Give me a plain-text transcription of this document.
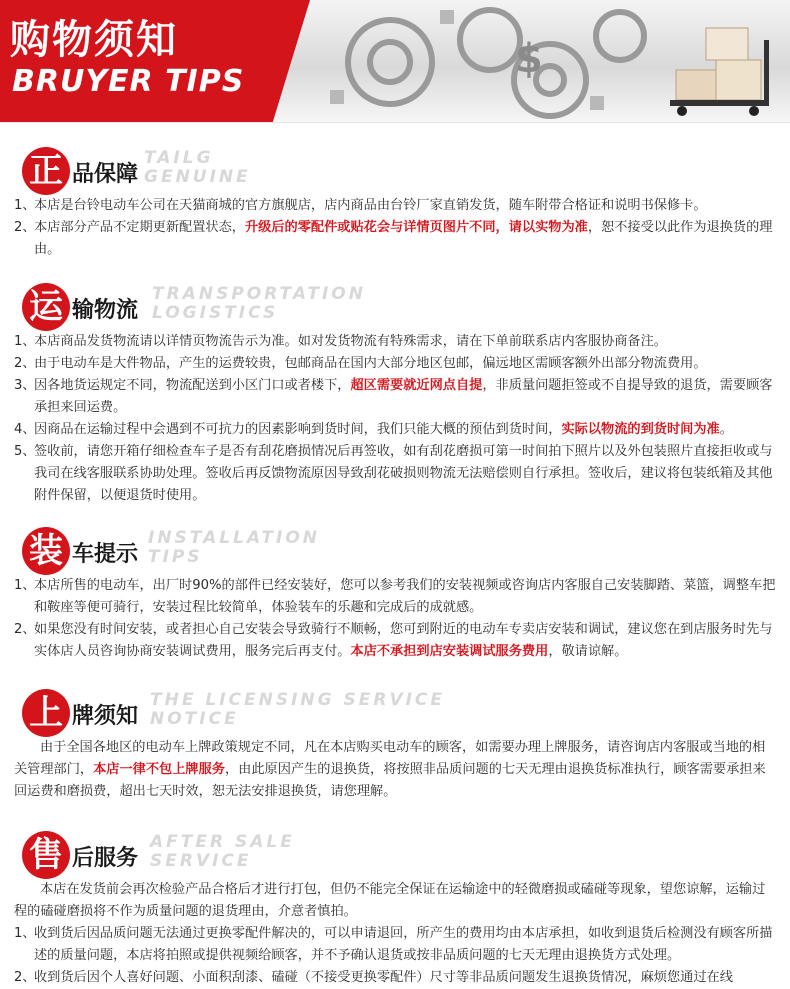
$
购物须知
BRUYER TIPS
TAILG
GENUINE
正 品保障
1、
本店是台铃电动车公司在天猫商城的官方旗舰店，店内商品由台铃厂家直销发货，随车附带合格证和说明书保修卡。
2、
本店部分产品不定期更新配置状态，升级后的零配件或贴花会与详情页图片不同，请以实物为准，恕不接受以此作为退换货的理由。
TRANSPORTATION
LOGISTICS
运 输物流
1、
本店商品发货物流请以详情页物流告示为准。如对发货物流有特殊需求，请在下单前联系店内客服协商备注。
2、
由于电动车是大件物品，产生的运费较贵，包邮商品在国内大部分地区包邮，偏远地区需顾客额外出部分物流费用。
3、
因各地货运规定不同，物流配送到小区门口或者楼下，超区需要就近网点自提，非质量问题拒签或不自提导致的退货，需要顾客承担来回运费。
4、
因商品在运输过程中会遇到不可抗力的因素影响到货时间，我们只能大概的预估到货时间，实际以物流的到货时间为准。
5、
签收前，请您开箱仔细检查车子是否有刮花磨损情况后再签收，如有刮花磨损可第一时间拍下照片以及外包装照片直接拒收或与我司在线客服联系协助处理。签收后再反馈物流原因导致刮花破损则物流无法赔偿则自行承担。签收后，建议将包装纸箱及其他附件保留，以便退货时使用。
INSTALLATION
TIPS
装 车提示
1、
本店所售的电动车，出厂时90%的部件已经安装好，您可以参考我们的安装视频或咨询店内客服自己安装脚踏、菜篮，调整车把和鞍座等便可骑行，安装过程比较简单，体验装车的乐趣和完成后的成就感。
2、
如果您没有时间安装，或者担心自己安装会导致骑行不顺畅，您可到附近的电动车专卖店安装和调试，建议您在到店服务时先与实体店人员咨询协商安装调试费用，服务完后再支付。本店不承担到店安装调试服务费用，敬请谅解。
THE LICENSING SERVICE
NOTICE
上 牌须知
由于全国各地区的电动车上牌政策规定不同，凡在本店购买电动车的顾客，如需要办理上牌服务，请咨询店内客服或当地的相关管理部门，本店一律不包上牌服务，由此原因产生的退换货，将按照非品质问题的七天无理由退换货标准执行，顾客需要承担来回运费和磨损费，超出七天时效，恕无法安排退换货，请您理解。
AFTER SALE
SERVICE
售 后服务
本店在发货前会再次检验产品合格后才进行打包，但仍不能完全保证在运输途中的轻微磨损或磕碰等现象，望您谅解，运输过程的磕碰磨损将不作为质量问题的退货理由，介意者慎拍。
1、
收到货后因品质问题无法通过更换零配件解决的，可以申请退回，所产生的费用均由本店承担，如收到退货后检测没有顾客所描述的质量问题，本店将拍照或提供视频给顾客，并不予确认退货或按非品质问题的七天无理由退换货方式处理。
2、
收到货后因个人喜好问题、小面积刮漆、磕碰（不接受更换零配件）尺寸等非品质问题发生退换货情况，麻烦您通过在线
